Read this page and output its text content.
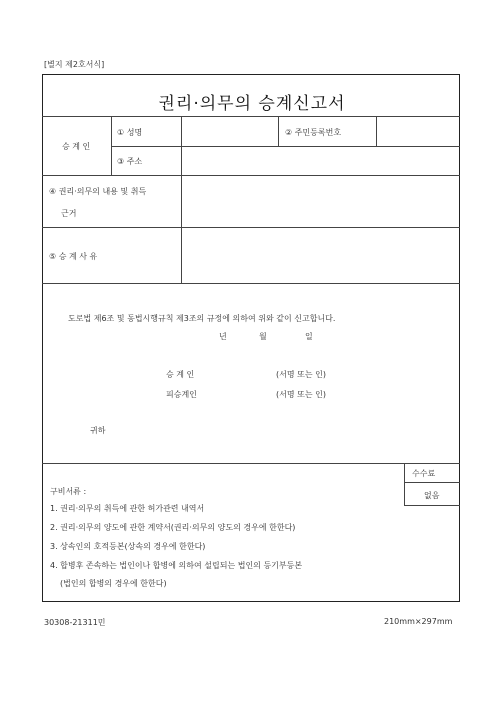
[별지 제2호서식]
권리·의무의 승계신고서
승 계 인
① 성명	② 주민등록번호
③ 주소
④ 권리·의무의 내용 및 취득
근거
⑤ 승 계 사 유
도로법 제6조 및 동법시행규칙 제3조의 규정에 의하여 위와 같이 신고합니다.
년	월	일
승 계 인	(서명 또는 인)
피승계인	(서명 또는 인)
귀하
수수료
없음
구비서류 :
1. 권리·의무의 취득에 관한 허가관련 내역서
2. 권리·의무의 양도에 관한 계약서(권리·의무의 양도의 경우에 한한다)
3. 상속인의 호적등본(상속의 경우에 한한다)
4. 합병후 존속하는 법인이나 합병에 의하여 설립되는 법인의 등기부등본
(법인의 합병의 경우에 한한다)
30308-21311민	210mm×297mm
